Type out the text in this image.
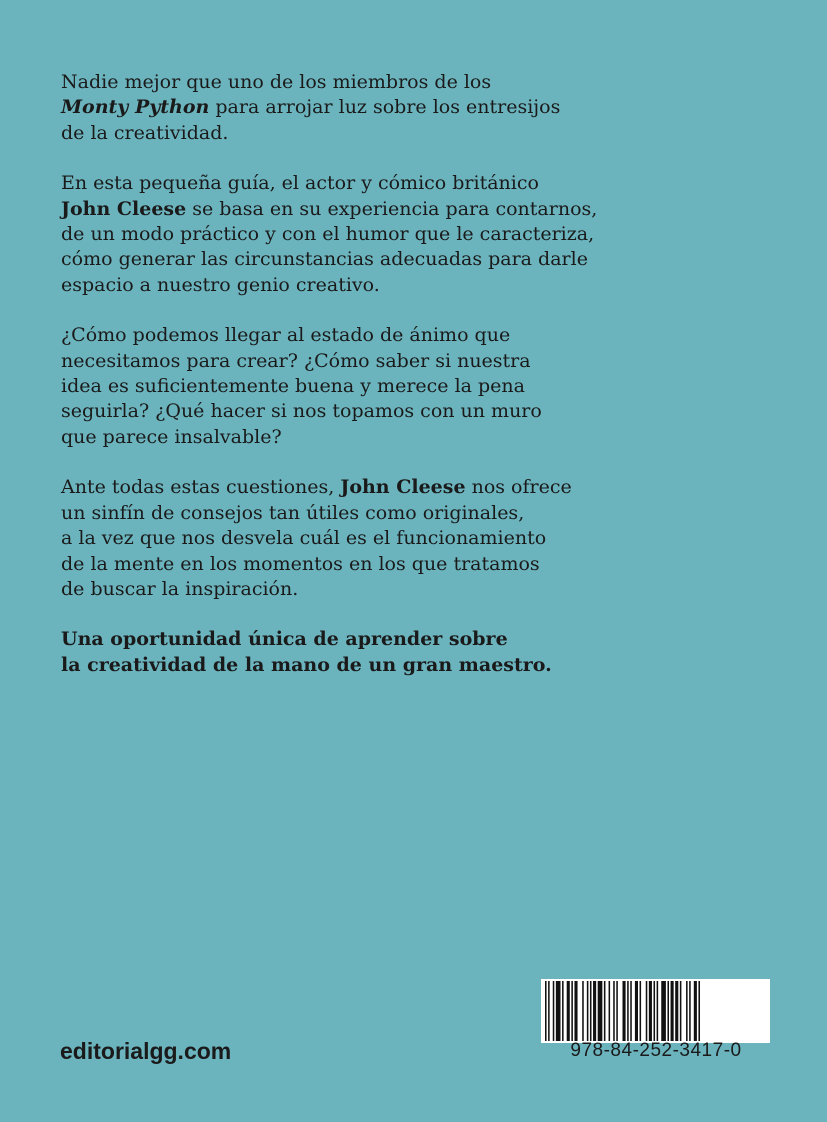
Nadie mejor que uno de los miembros de los
Monty Python para arrojar luz sobre los entresijos
de la creatividad.

En esta pequeña guía, el actor y cómico británico
John Cleese se basa en su experiencia para contarnos,
de un modo práctico y con el humor que le caracteriza,
cómo generar las circunstancias adecuadas para darle
espacio a nuestro genio creativo.

¿Cómo podemos llegar al estado de ánimo que
necesitamos para crear? ¿Cómo saber si nuestra
idea es suficientemente buena y merece la pena
seguirla? ¿Qué hacer si nos topamos con un muro
que parece insalvable?

Ante todas estas cuestiones, John Cleese nos ofrece
un sinfín de consejos tan útiles como originales,
a la vez que nos desvela cuál es el funcionamiento
de la mente en los momentos en los que tratamos
de buscar la inspiración.

Una oportunidad única de aprender sobre
la creatividad de la mano de un gran maestro.

editorialgg.com	978-84-252-3417-0
